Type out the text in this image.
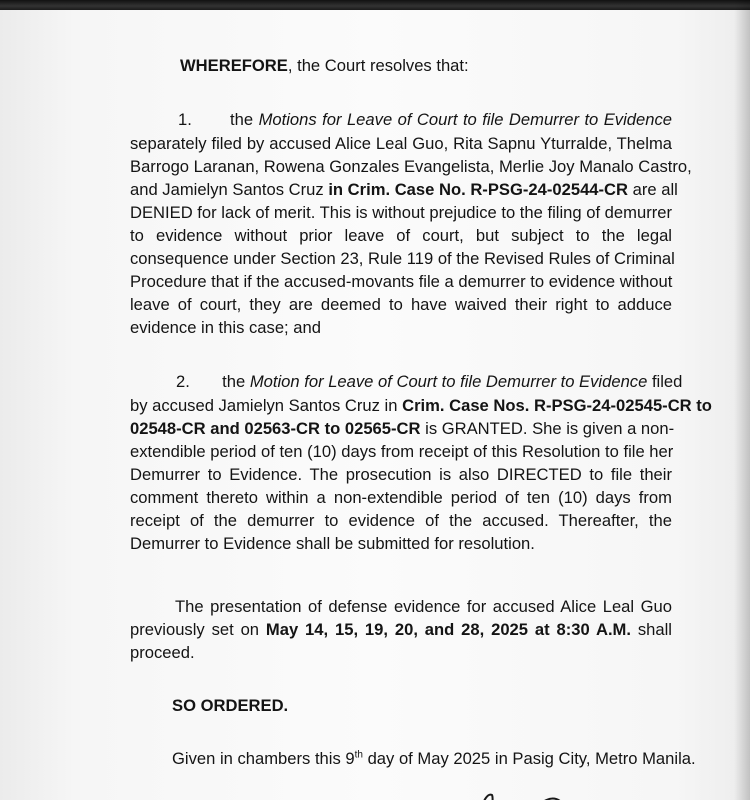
WHEREFORE, the Court resolves that:
1. the Motions for Leave of Court to file Demurrer to Evidence
separately filed by accused Alice Leal Guo, Rita Sapnu Yturralde, Thelma
Barrogo Laranan, Rowena Gonzales Evangelista, Merlie Joy Manalo Castro,
and Jamielyn Santos Cruz in Crim. Case No. R-PSG-24-02544-CR are all
DENIED for lack of merit. This is without prejudice to the filing of demurrer
to evidence without prior leave of court, but subject to the legal
consequence under Section 23, Rule 119 of the Revised Rules of Criminal
Procedure that if the accused-movants file a demurrer to evidence without
leave of court, they are deemed to have waived their right to adduce
evidence in this case; and
2. the Motion for Leave of Court to file Demurrer to Evidence filed
by accused Jamielyn Santos Cruz in Crim. Case Nos. R-PSG-24-02545-CR to
02548-CR and 02563-CR to 02565-CR is GRANTED. She is given a non-
extendible period of ten (10) days from receipt of this Resolution to file her
Demurrer to Evidence. The prosecution is also DIRECTED to file their
comment thereto within a non-extendible period of ten (10) days from
receipt of the demurrer to evidence of the accused. Thereafter, the
Demurrer to Evidence shall be submitted for resolution.
The presentation of defense evidence for accused Alice Leal Guo
previously set on May 14, 15, 19, 20, and 28, 2025 at 8:30 A.M. shall
proceed.
SO ORDERED.
Given in chambers this 9th day of May 2025 in Pasig City, Metro Manila.
